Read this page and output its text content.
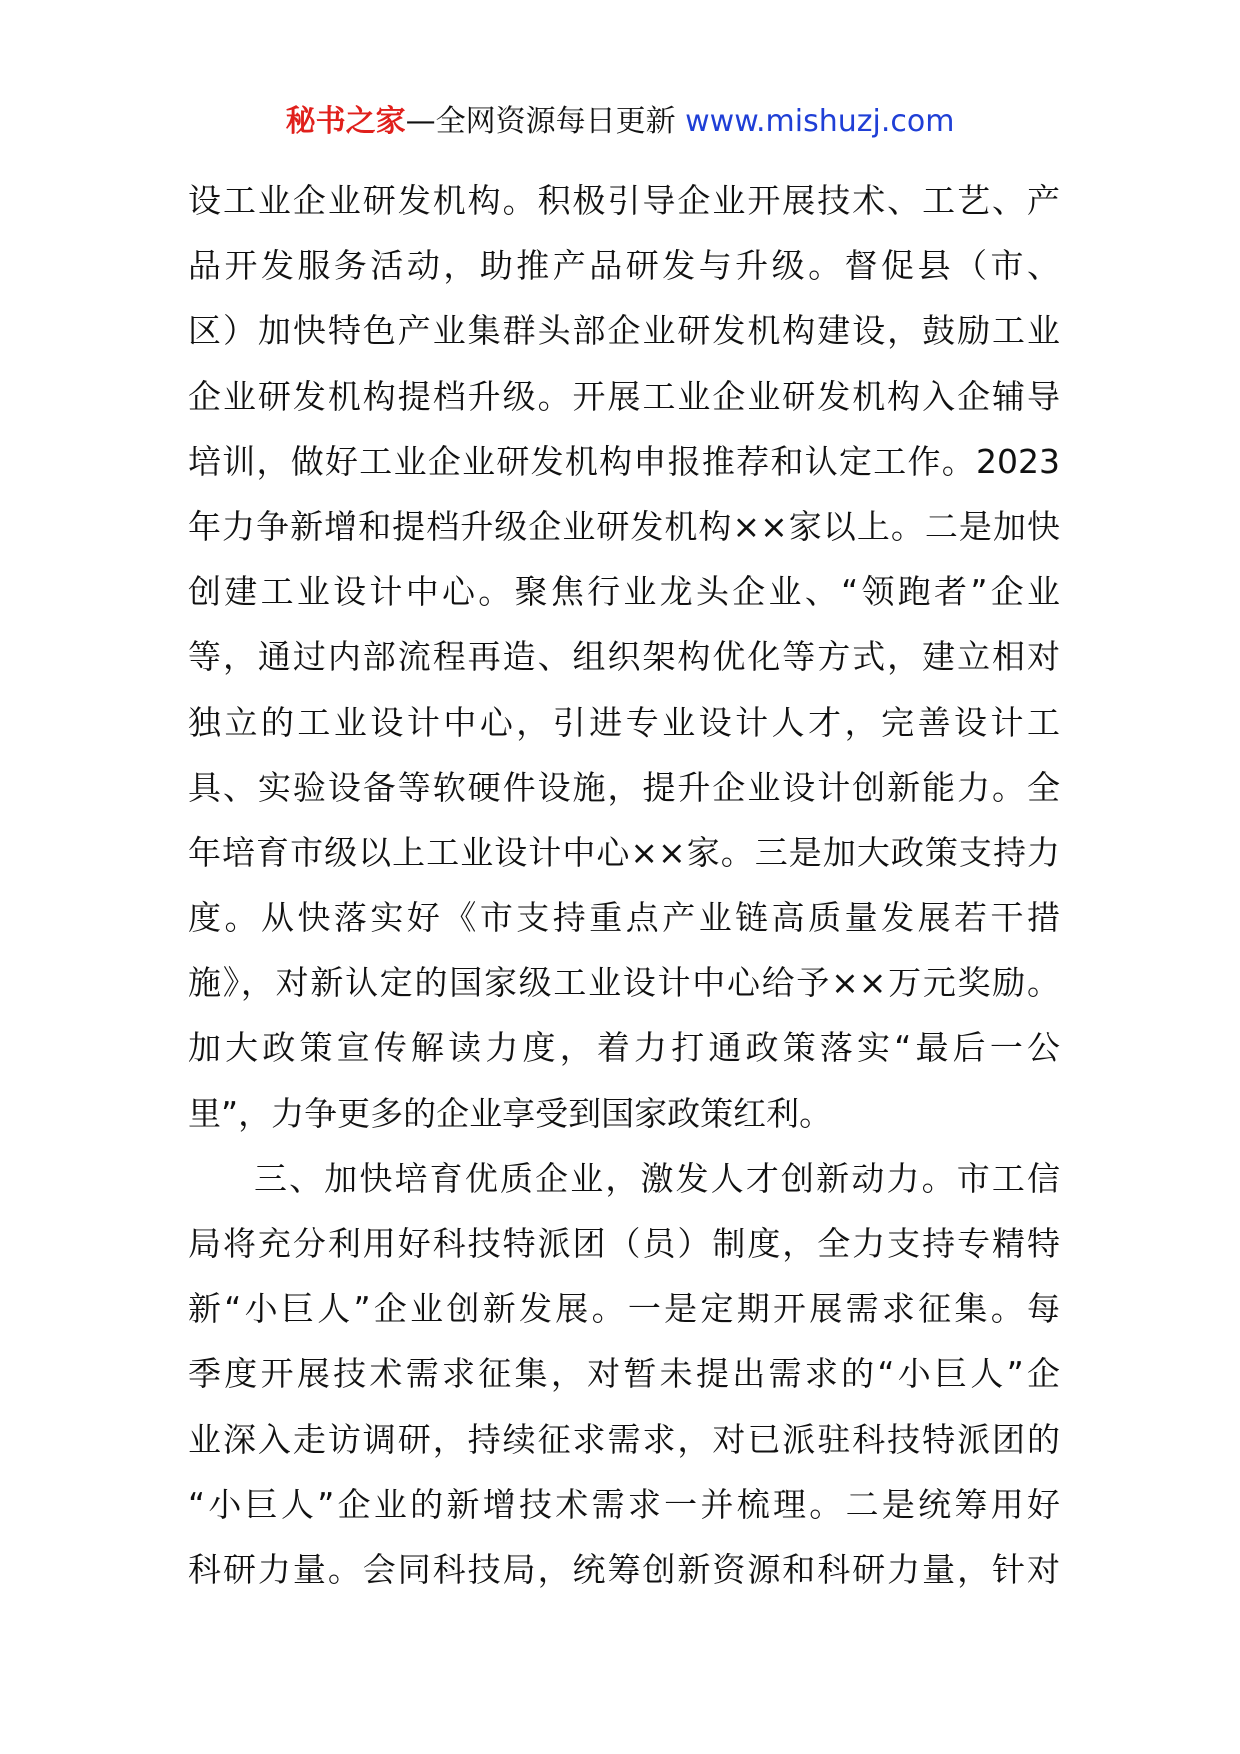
秘书之家—全网资源每日更新 www.mishuzj.com
设工业企业研发机构。积极引导企业开展技术、工艺、产
品开发服务活动，助推产品研发与升级。督促县（市、
区）加快特色产业集群头部企业研发机构建设，鼓励工业
企业研发机构提档升级。开展工业企业研发机构入企辅导
培训，做好工业企业研发机构申报推荐和认定工作。2023
年力争新增和提档升级企业研发机构××家以上。二是加快
创建工业设计中心。聚焦行业龙头企业、“领跑者”企业
等，通过内部流程再造、组织架构优化等方式，建立相对
独立的工业设计中心，引进专业设计人才，完善设计工
具、实验设备等软硬件设施，提升企业设计创新能力。全
年培育市级以上工业设计中心××家。三是加大政策支持力
度。从快落实好《市支持重点产业链高质量发展若干措
施》，对新认定的国家级工业设计中心给予××万元奖励。
加大政策宣传解读力度，着力打通政策落实“最后一公
里”，力争更多的企业享受到国家政策红利。
三、加快培育优质企业，激发人才创新动力。市工信
局将充分利用好科技特派团（员）制度，全力支持专精特
新“小巨人”企业创新发展。一是定期开展需求征集。每
季度开展技术需求征集，对暂未提出需求的“小巨人”企
业深入走访调研，持续征求需求，对已派驻科技特派团的
“小巨人”企业的新增技术需求一并梳理。二是统筹用好
科研力量。会同科技局，统筹创新资源和科研力量，针对
